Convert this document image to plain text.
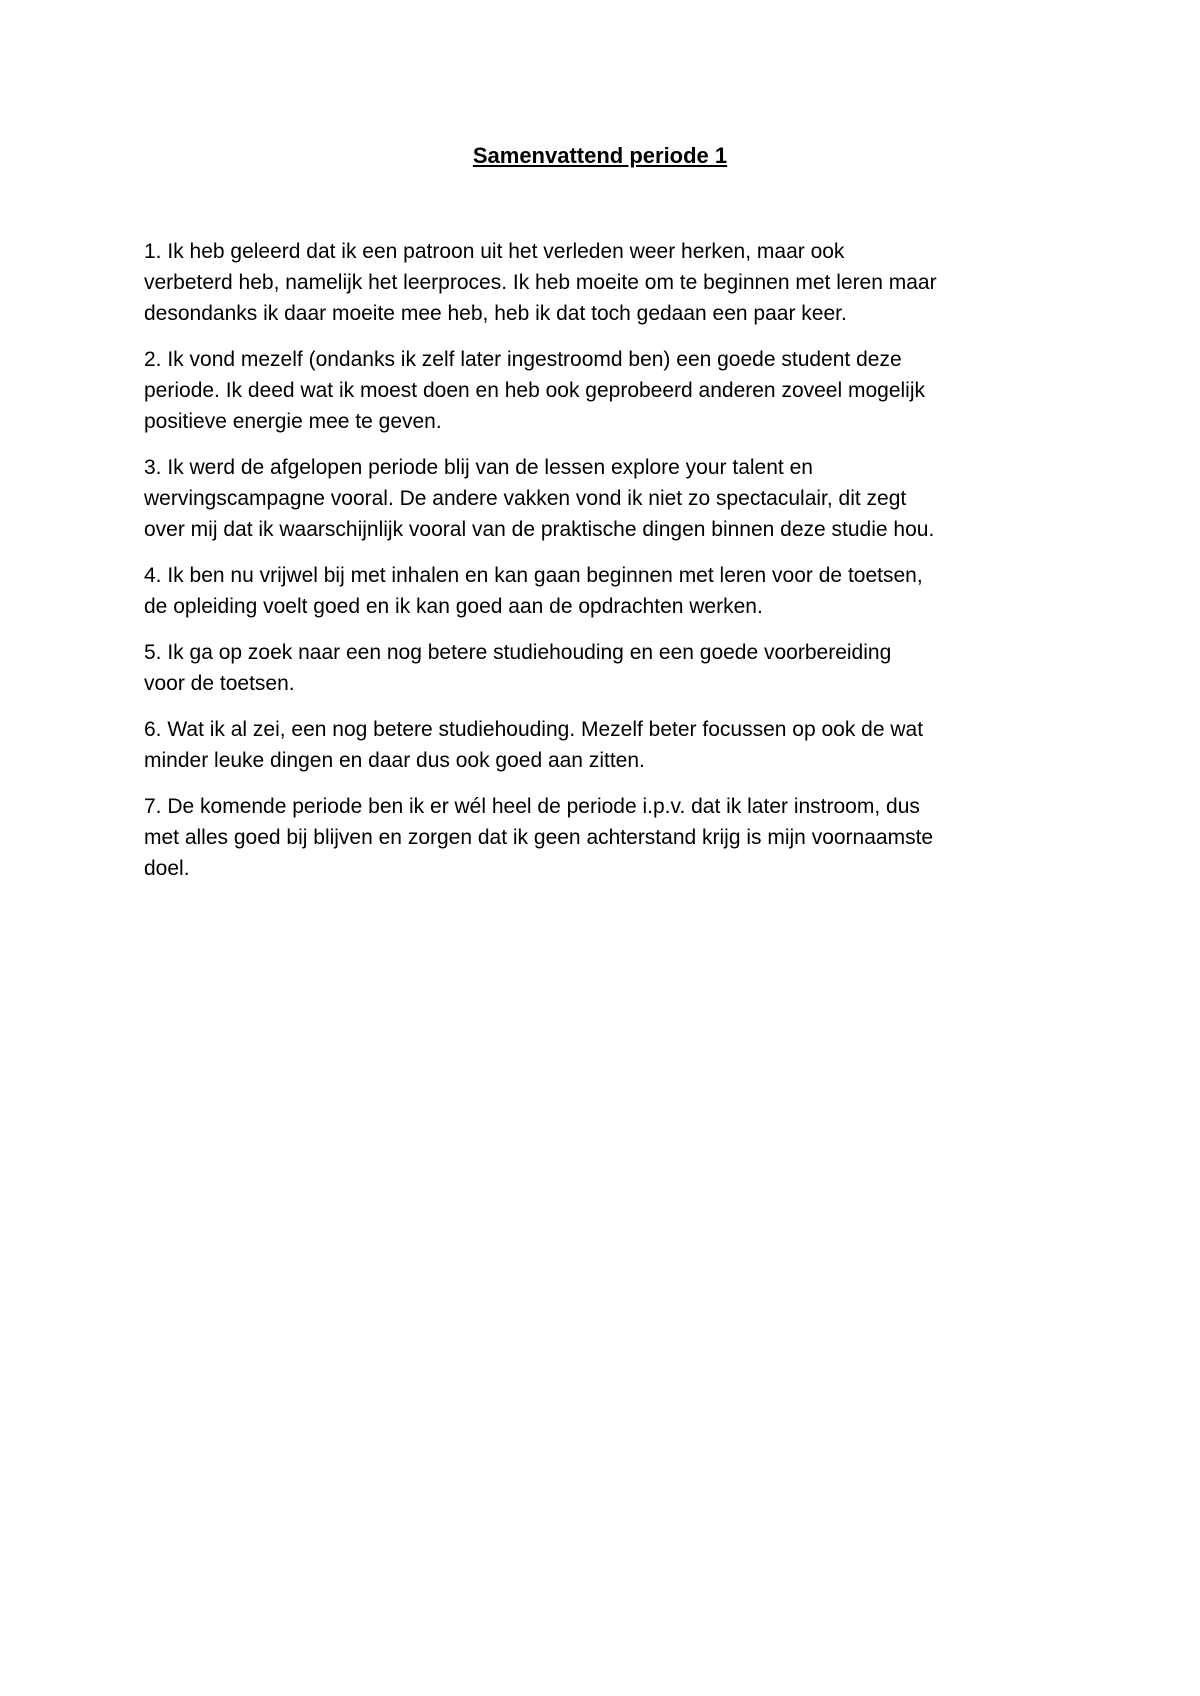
Samenvattend periode 1

1. Ik heb geleerd dat ik een patroon uit het verleden weer herken, maar ook
verbeterd heb, namelijk het leerproces. Ik heb moeite om te beginnen met leren maar
desondanks ik daar moeite mee heb, heb ik dat toch gedaan een paar keer.

2. Ik vond mezelf (ondanks ik zelf later ingestroomd ben) een goede student deze
periode. Ik deed wat ik moest doen en heb ook geprobeerd anderen zoveel mogelijk
positieve energie mee te geven.

3. Ik werd de afgelopen periode blij van de lessen explore your talent en
wervingscampagne vooral. De andere vakken vond ik niet zo spectaculair, dit zegt
over mij dat ik waarschijnlijk vooral van de praktische dingen binnen deze studie hou.

4. Ik ben nu vrijwel bij met inhalen en kan gaan beginnen met leren voor de toetsen,
de opleiding voelt goed en ik kan goed aan de opdrachten werken.

5. Ik ga op zoek naar een nog betere studiehouding en een goede voorbereiding
voor de toetsen.

6. Wat ik al zei, een nog betere studiehouding. Mezelf beter focussen op ook de wat
minder leuke dingen en daar dus ook goed aan zitten.

7. De komende periode ben ik er wél heel de periode i.p.v. dat ik later instroom, dus
met alles goed bij blijven en zorgen dat ik geen achterstand krijg is mijn voornaamste
doel.
